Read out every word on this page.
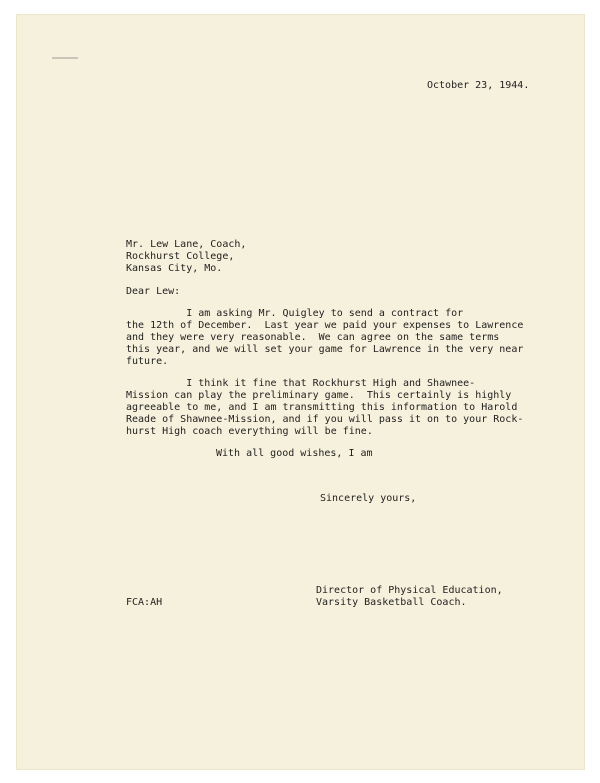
October 23, 1944.

Mr. Lew Lane, Coach,

Rockhurst College,

Kansas City, Mo.

Dear Lew:

I am asking Mr. Quigley to send a contract for

the 12th of December.  Last year we paid your expenses to Lawrence

and they were very reasonable.  We can agree on the same terms

this year, and we will set your game for Lawrence in the very near

future.

I think it fine that Rockhurst High and Shawnee-

Mission can play the preliminary game.  This certainly is highly

agreeable to me, and I am transmitting this information to Harold

Reade of Shawnee-Mission, and if you will pass it on to your Rock-

hurst High coach everything will be fine.

With all good wishes, I am

Sincerely yours,

Director of Physical Education,

Varsity Basketball Coach.

FCA:AH
